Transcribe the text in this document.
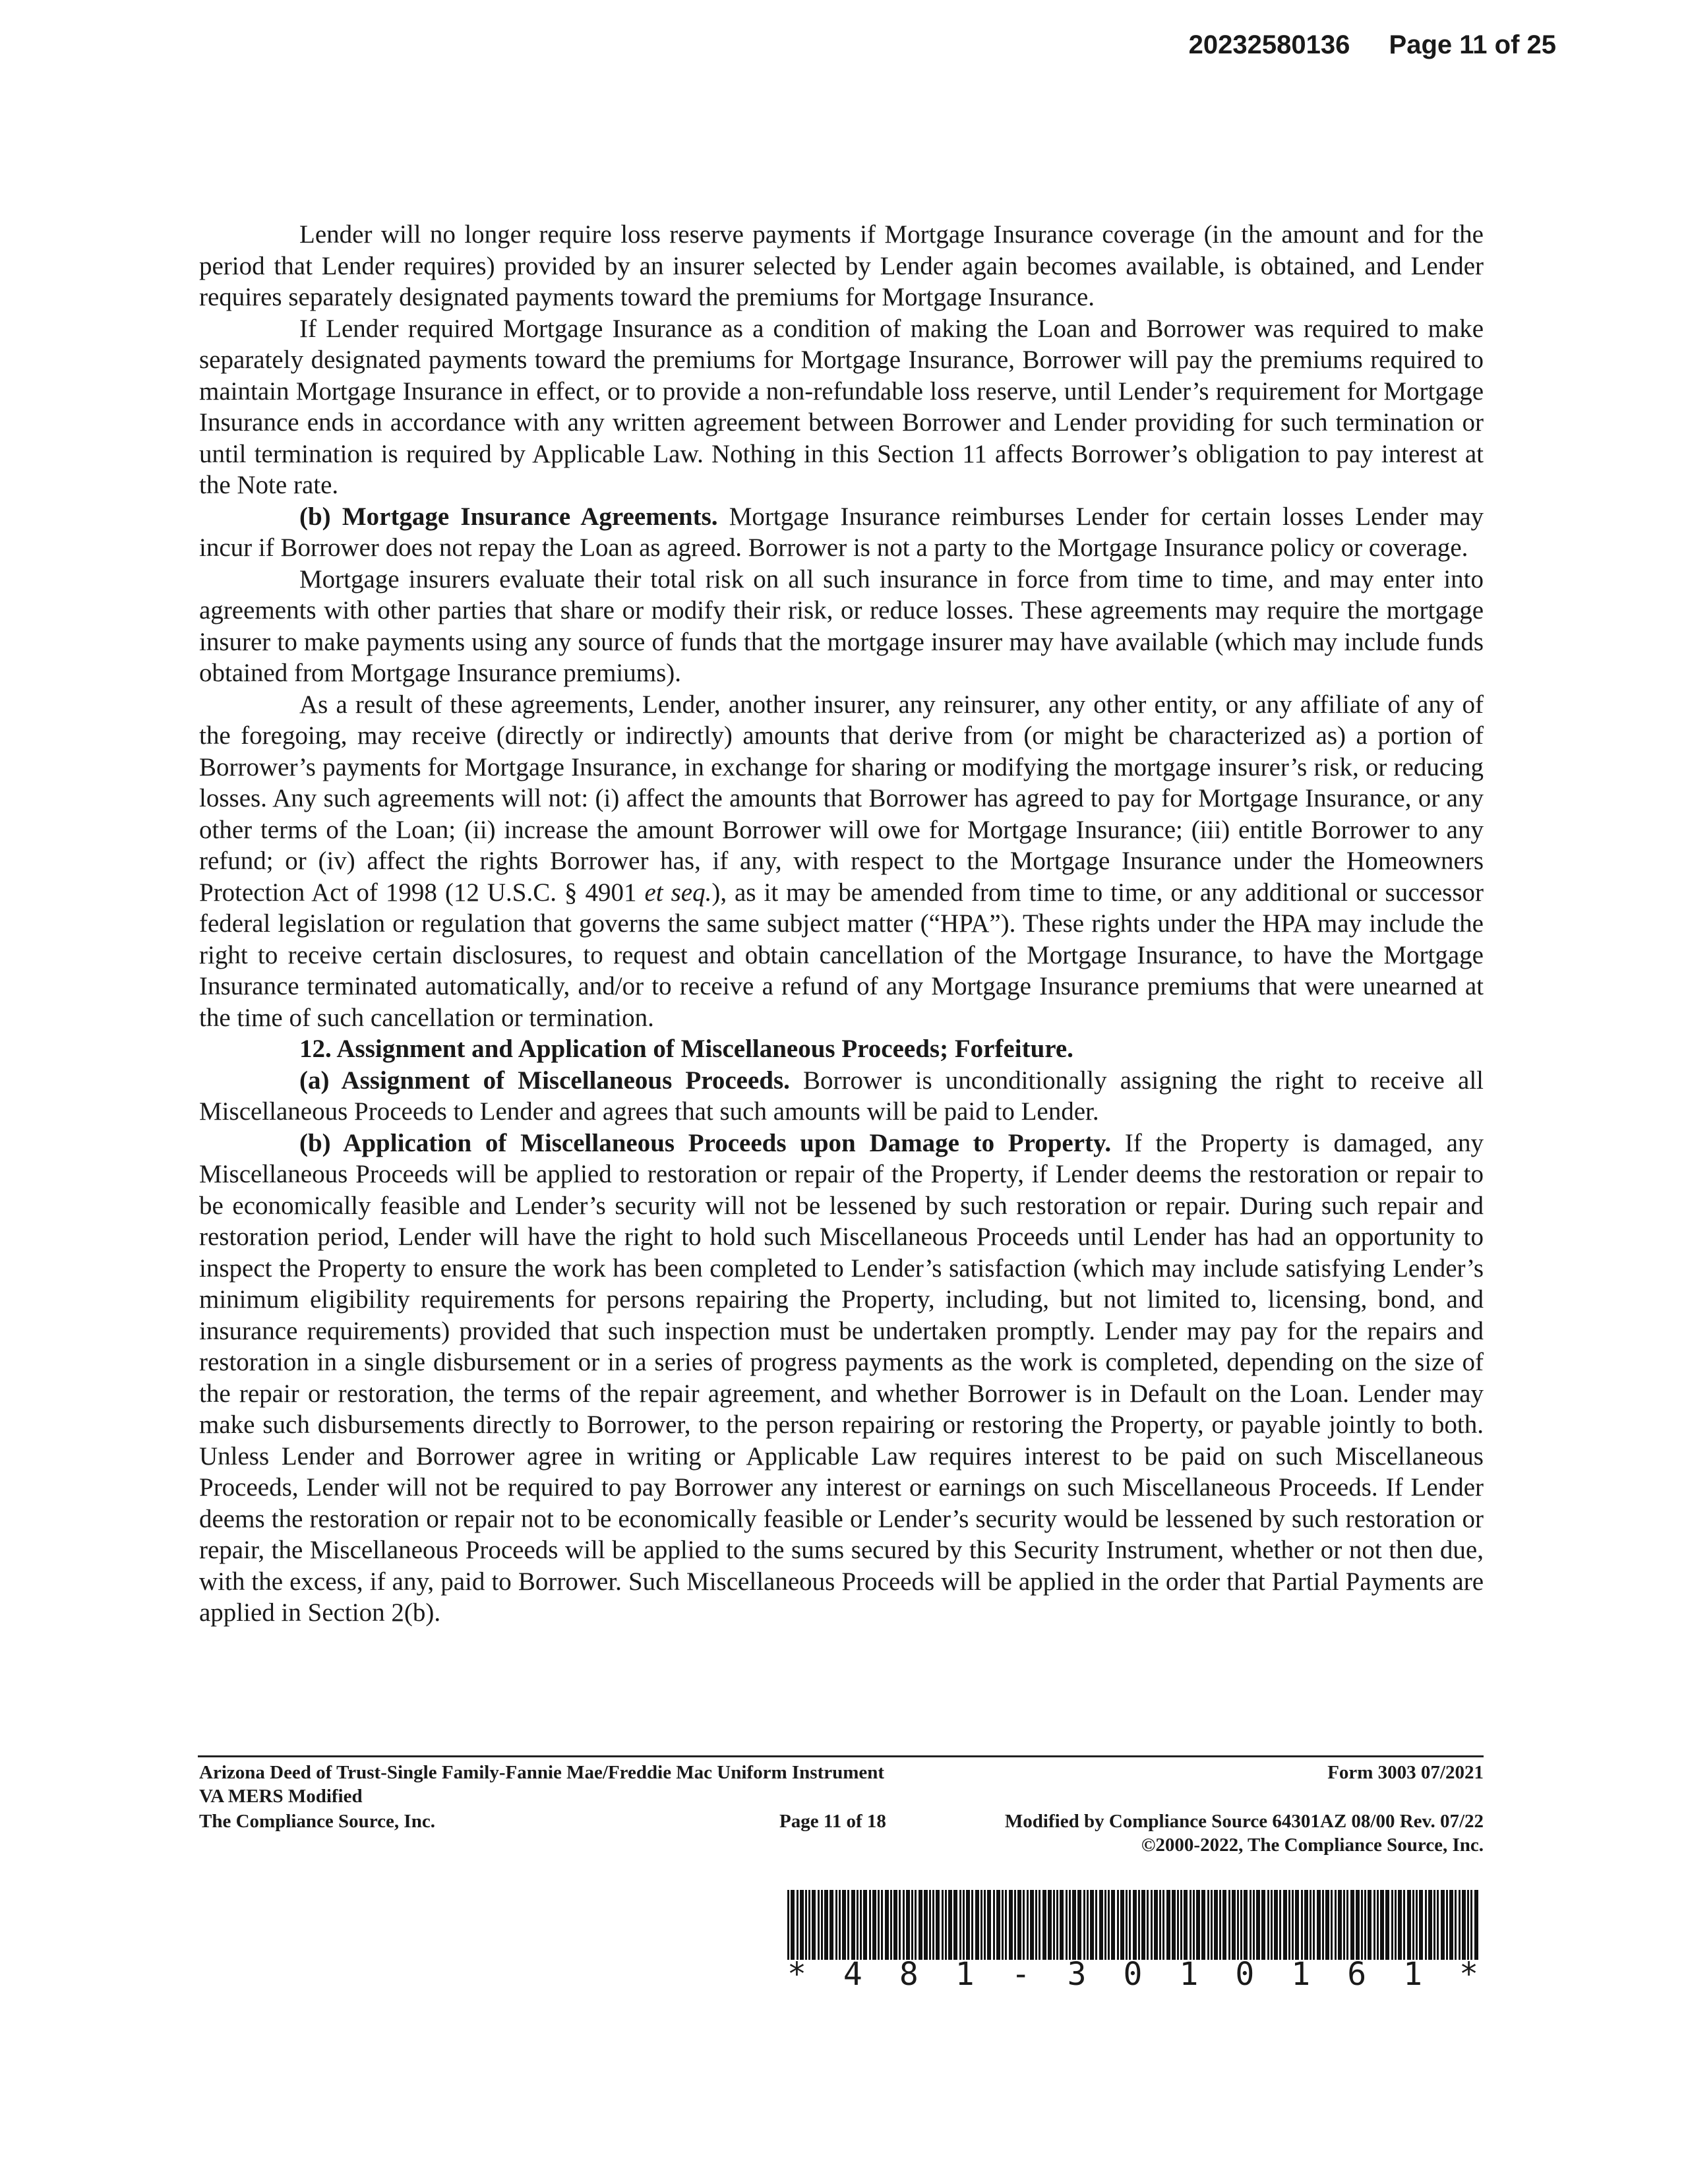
20232580136 Page 11 of 25

Lender will no longer require loss reserve payments if Mortgage Insurance coverage (in the amount and for the period that Lender requires) provided by an insurer selected by Lender again becomes available, is obtained, and Lender requires separately designated payments toward the premiums for Mortgage Insurance.

If Lender required Mortgage Insurance as a condition of making the Loan and Borrower was required to make separately designated payments toward the premiums for Mortgage Insurance, Borrower will pay the premiums required to maintain Mortgage Insurance in effect, or to provide a non-refundable loss reserve, until Lender’s requirement for Mortgage Insurance ends in accordance with any written agreement between Borrower and Lender providing for such termination or until termination is required by Applicable Law. Nothing in this Section 11 affects Borrower’s obligation to pay interest at the Note rate.

(b) Mortgage Insurance Agreements. Mortgage Insurance reimburses Lender for certain losses Lender may incur if Borrower does not repay the Loan as agreed. Borrower is not a party to the Mortgage Insurance policy or coverage.

Mortgage insurers evaluate their total risk on all such insurance in force from time to time, and may enter into agreements with other parties that share or modify their risk, or reduce losses. These agreements may require the mortgage insurer to make payments using any source of funds that the mortgage insurer may have available (which may include funds obtained from Mortgage Insurance premiums).

As a result of these agreements, Lender, another insurer, any reinsurer, any other entity, or any affiliate of any of the foregoing, may receive (directly or indirectly) amounts that derive from (or might be characterized as) a portion of Borrower’s payments for Mortgage Insurance, in exchange for sharing or modifying the mortgage insurer’s risk, or reducing losses. Any such agreements will not: (i) affect the amounts that Borrower has agreed to pay for Mortgage Insurance, or any other terms of the Loan; (ii) increase the amount Borrower will owe for Mortgage Insurance; (iii) entitle Borrower to any refund; or (iv) affect the rights Borrower has, if any, with respect to the Mortgage Insurance under the Homeowners Protection Act of 1998 (12 U.S.C. § 4901 et seq.), as it may be amended from time to time, or any additional or successor federal legislation or regulation that governs the same subject matter (“HPA”). These rights under the HPA may include the right to receive certain disclosures, to request and obtain cancellation of the Mortgage Insurance, to have the Mortgage Insurance terminated automatically, and/or to receive a refund of any Mortgage Insurance premiums that were unearned at the time of such cancellation or termination.

12. Assignment and Application of Miscellaneous Proceeds; Forfeiture.

(a) Assignment of Miscellaneous Proceeds. Borrower is unconditionally assigning the right to receive all Miscellaneous Proceeds to Lender and agrees that such amounts will be paid to Lender.

(b) Application of Miscellaneous Proceeds upon Damage to Property. If the Property is damaged, any Miscellaneous Proceeds will be applied to restoration or repair of the Property, if Lender deems the restoration or repair to be economically feasible and Lender’s security will not be lessened by such restoration or repair. During such repair and restoration period, Lender will have the right to hold such Miscellaneous Proceeds until Lender has had an opportunity to inspect the Property to ensure the work has been completed to Lender’s satisfaction (which may include satisfying Lender’s minimum eligibility requirements for persons repairing the Property, including, but not limited to, licensing, bond, and insurance requirements) provided that such inspection must be undertaken promptly. Lender may pay for the repairs and restoration in a single disbursement or in a series of progress payments as the work is completed, depending on the size of the repair or restoration, the terms of the repair agreement, and whether Borrower is in Default on the Loan. Lender may make such disbursements directly to Borrower, to the person repairing or restoring the Property, or payable jointly to both. Unless Lender and Borrower agree in writing or Applicable Law requires interest to be paid on such Miscellaneous Proceeds, Lender will not be required to pay Borrower any interest or earnings on such Miscellaneous Proceeds. If Lender deems the restoration or repair not to be economically feasible or Lender’s security would be lessened by such restoration or repair, the Miscellaneous Proceeds will be applied to the sums secured by this Security Instrument, whether or not then due, with the excess, if any, paid to Borrower. Such Miscellaneous Proceeds will be applied in the order that Partial Payments are applied in Section 2(b).

Arizona Deed of Trust-Single Family-Fannie Mae/Freddie Mac Uniform Instrument	Form 3003 07/2021
VA MERS Modified
The Compliance Source, Inc.	Page 11 of 18	Modified by Compliance Source 64301AZ 08/00 Rev. 07/22
©2000-2022, The Compliance Source, Inc.
* 4 8 1 - 3 0 1 0 1 6 1 *
